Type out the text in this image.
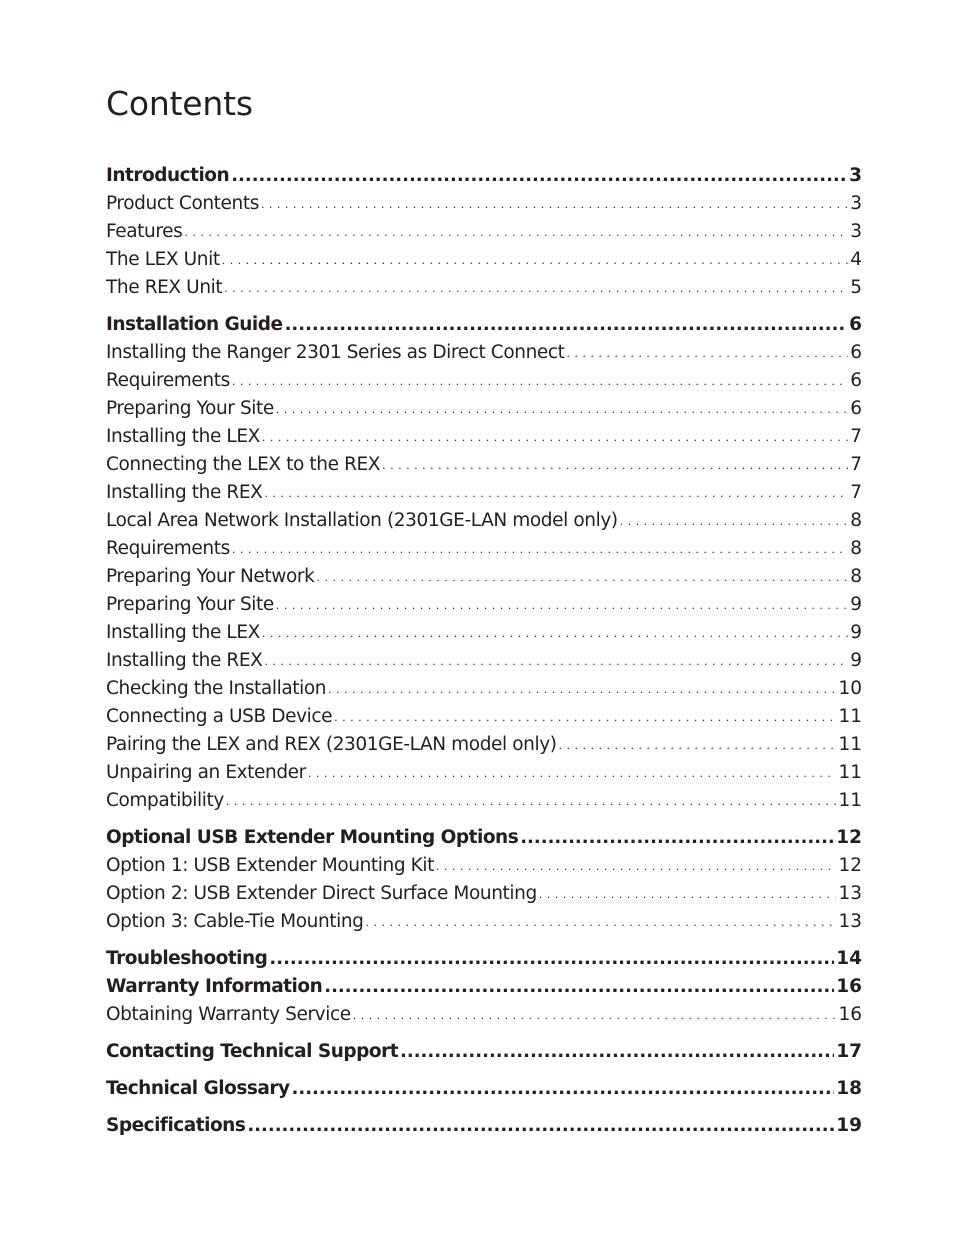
Contents
Introduction .....	3
Product Contents . . .	3
Features . . .	3
The LEX Unit . . .	4
The REX Unit . . .	5
Installation Guide .....	6
Installing the Ranger 2301 Series as Direct Connect . . .	6
Requirements . . .	6
Preparing Your Site . . .	6
Installing the LEX . . .	7
Connecting the LEX to the REX . . .	7
Installing the REX . . .	7
Local Area Network Installation (2301GE-LAN model only) . . .	8
Requirements . . .	8
Preparing Your Network . . .	8
Preparing Your Site . . .	9
Installing the LEX . . .	9
Installing the REX . . .	9
Checking the Installation . . .	10
Connecting a USB Device . . .	11
Pairing the LEX and REX (2301GE-LAN model only) . . .	11
Unpairing an Extender . . .	11
Compatibility . . .	11
Optional USB Extender Mounting Options .....	12
Option 1: USB Extender Mounting Kit . . .	12
Option 2: USB Extender Direct Surface Mounting . . .	13
Option 3: Cable-Tie Mounting . . .	13
Troubleshooting .....	14
Warranty Information .....	16
Obtaining Warranty Service . . .	16
Contacting Technical Support .....	17
Technical Glossary .....	18
Specifications .....	19
